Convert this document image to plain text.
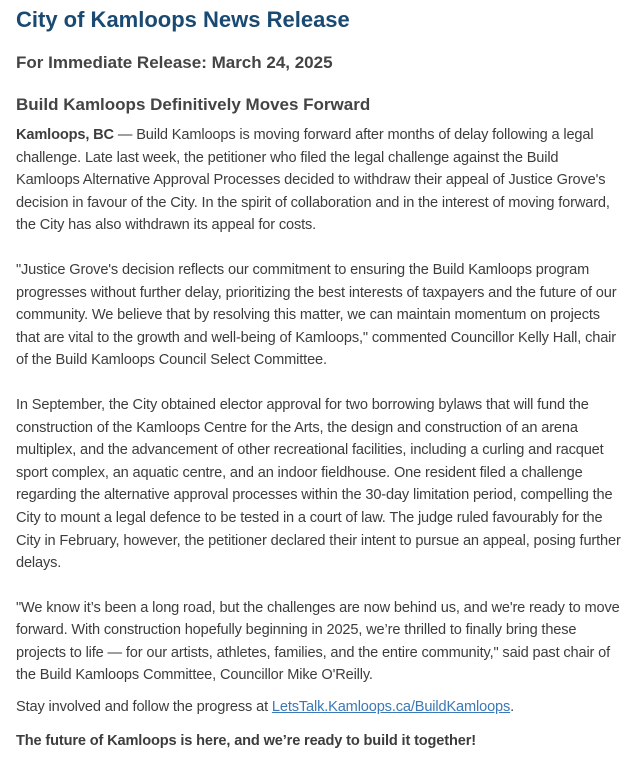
City of Kamloops News Release
For Immediate Release: March 24, 2025
Build Kamloops Definitively Moves Forward

Kamloops, BC — Build Kamloops is moving forward after months of delay following a legal challenge. Late last week, the petitioner who filed the legal challenge against the Build Kamloops Alternative Approval Processes decided to withdraw their appeal of Justice Grove's decision in favour of the City. In the spirit of collaboration and in the interest of moving forward, the City has also withdrawn its appeal for costs.

"Justice Grove's decision reflects our commitment to ensuring the Build Kamloops program progresses without further delay, prioritizing the best interests of taxpayers and the future of our community. We believe that by resolving this matter, we can maintain momentum on projects that are vital to the growth and well-being of Kamloops," commented Councillor Kelly Hall, chair of the Build Kamloops Council Select Committee.

In September, the City obtained elector approval for two borrowing bylaws that will fund the construction of the Kamloops Centre for the Arts, the design and construction of an arena multiplex, and the advancement of other recreational facilities, including a curling and racquet sport complex, an aquatic centre, and an indoor fieldhouse. One resident filed a challenge regarding the alternative approval processes within the 30-day limitation period, compelling the City to mount a legal defence to be tested in a court of law. The judge ruled favourably for the City in February, however, the petitioner declared their intent to pursue an appeal, posing further delays.

"We know it’s been a long road, but the challenges are now behind us, and we're ready to move forward. With construction hopefully beginning in 2025, we’re thrilled to finally bring these projects to life — for our artists, athletes, families, and the entire community," said past chair of the Build Kamloops Committee, Councillor Mike O'Reilly.

Stay involved and follow the progress at LetsTalk.Kamloops.ca/BuildKamloops.

The future of Kamloops is here, and we’re ready to build it together!
